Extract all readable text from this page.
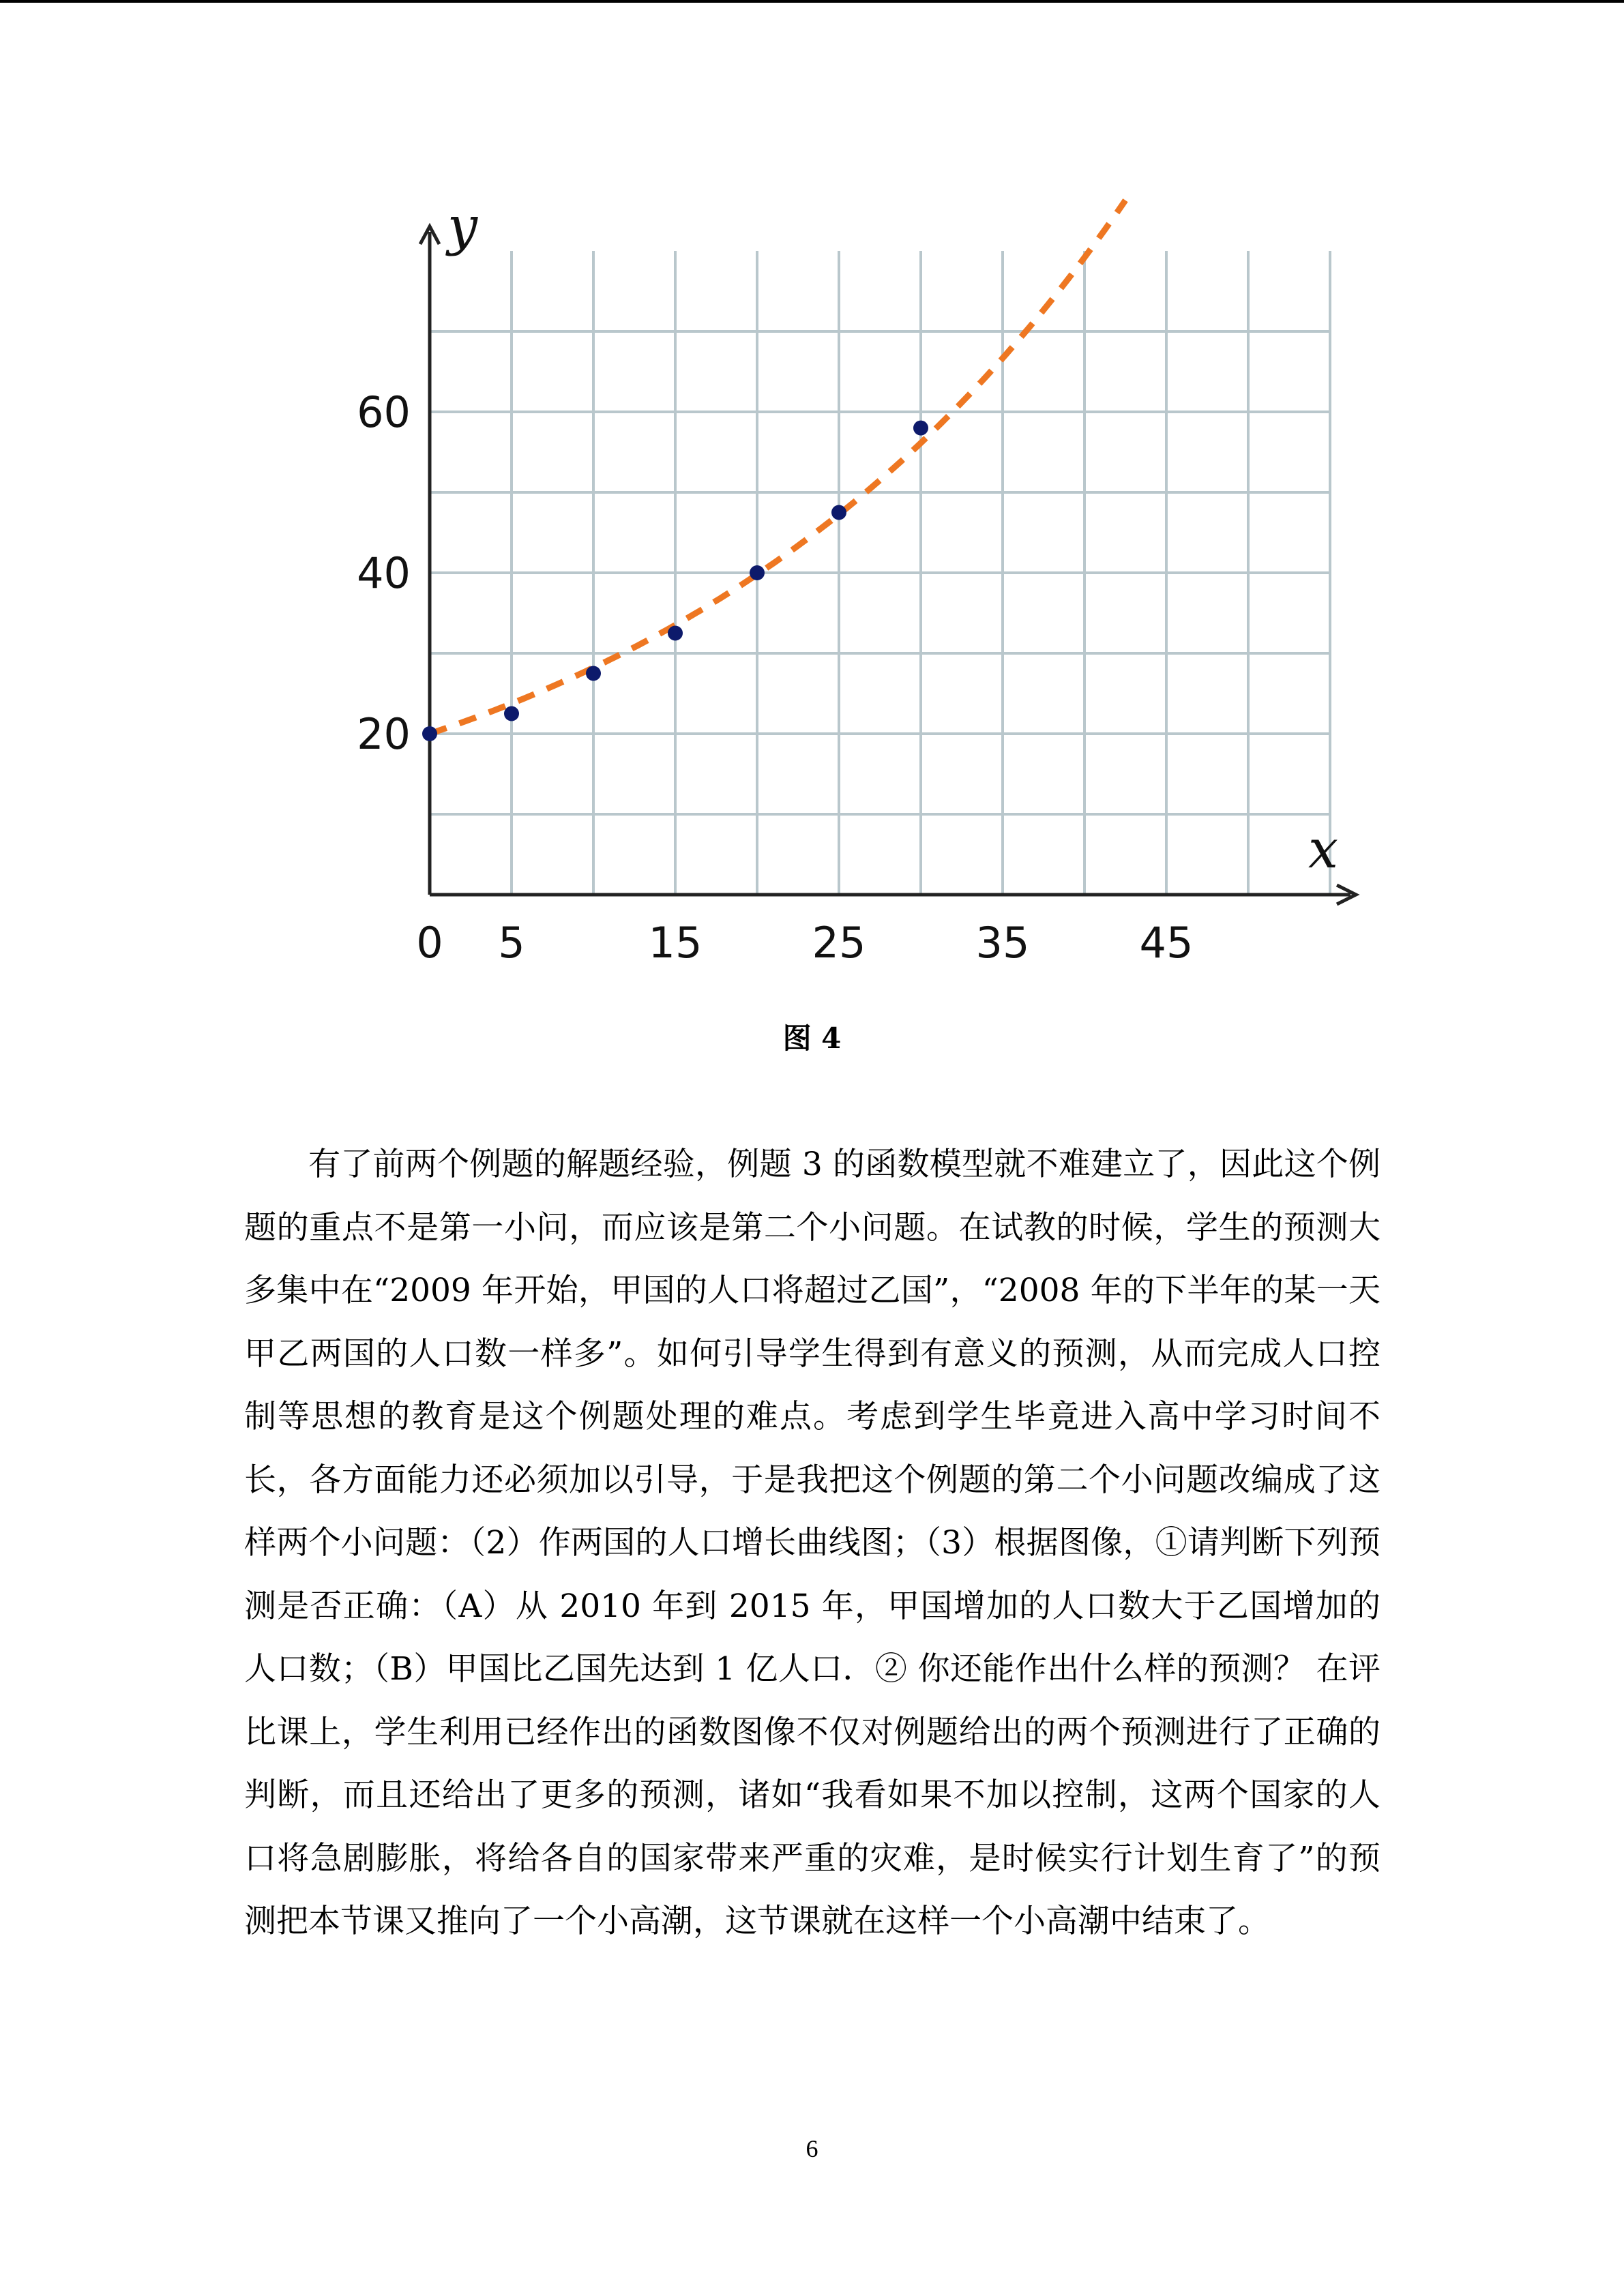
0 5	15	25	35	45
20
40
60
y
x
图 4

有了前两个例题的解题经验，例题 3 的函数模型就不难建立了，因此这个例题的重点不是第一小问，而应该是第二个小问题。在试教的时候，学生的预测大多集中在“2009 年开始，甲国的人口将超过乙国”，“2008 年的下半年的某一天甲乙两国的人口数一样多”。如何引导学生得到有意义的预测，从而完成人口控制等思想的教育是这个例题处理的难点。考虑到学生毕竟进入高中学习时间不长，各方面能力还必须加以引导，于是我把这个例题的第二个小问题改编成了这样两个小问题：（2）作两国的人口增长曲线图；（3）根据图像，①请判断下列预测是否正确：（A）从 2010 年到 2015 年，甲国增加的人口数大于乙国增加的人口数；（B）甲国比乙国先达到 1 亿人口．② 你还能作出什么样的预测？ 在评比课上，学生利用已经作出的函数图像不仅对例题给出的两个预测进行了正确的判断，而且还给出了更多的预测，诸如“我看如果不加以控制，这两个国家的人口将急剧膨胀，将给各自的国家带来严重的灾难，是时候实行计划生育了”的预测把本节课又推向了一个小高潮，这节课就在这样一个小高潮中结束了。

6
